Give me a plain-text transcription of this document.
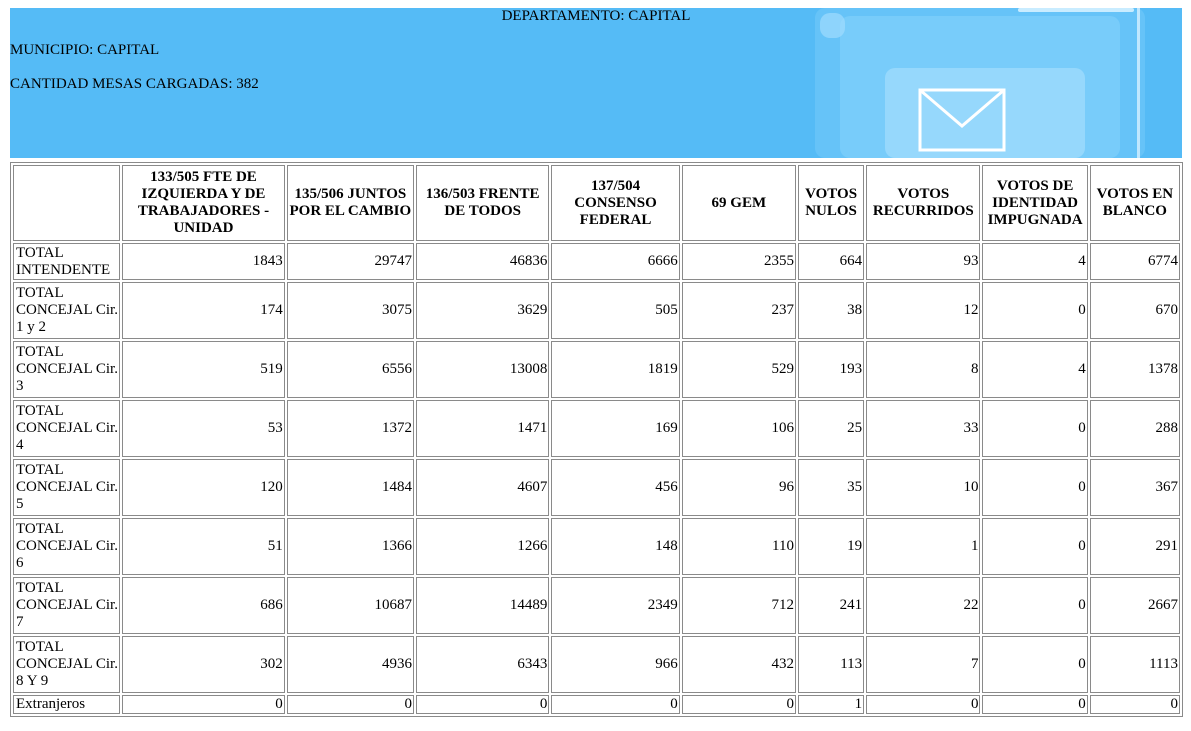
DEPARTAMENTO: CAPITAL
MUNICIPIO: CAPITAL
CANTIDAD MESAS CARGADAS: 382
	133/505 FTE DE IZQUIERDA Y DE TRABAJADORES - UNIDAD	135/506 JUNTOS POR EL CAMBIO	136/503 FRENTE DE TODOS	137/504 CONSENSO FEDERAL	69 GEM	VOTOS NULOS	VOTOS RECURRIDOS	VOTOS DE IDENTIDAD IMPUGNADA	VOTOS EN BLANCO
TOTAL INTENDENTE	1843	29747	46836	6666	2355	664	93	4	6774
TOTAL CONCEJAL Cir. 1 y 2	174	3075	3629	505	237	38	12	0	670
TOTAL CONCEJAL Cir. 3	519	6556	13008	1819	529	193	8	4	1378
TOTAL CONCEJAL Cir. 4	53	1372	1471	169	106	25	33	0	288
TOTAL CONCEJAL Cir. 5	120	1484	4607	456	96	35	10	0	367
TOTAL CONCEJAL Cir. 6	51	1366	1266	148	110	19	1	0	291
TOTAL CONCEJAL Cir. 7	686	10687	14489	2349	712	241	22	0	2667
TOTAL CONCEJAL Cir. 8 Y 9	302	4936	6343	966	432	113	7	0	1113
Extranjeros	0	0	0	0	0	1	0	0	0
